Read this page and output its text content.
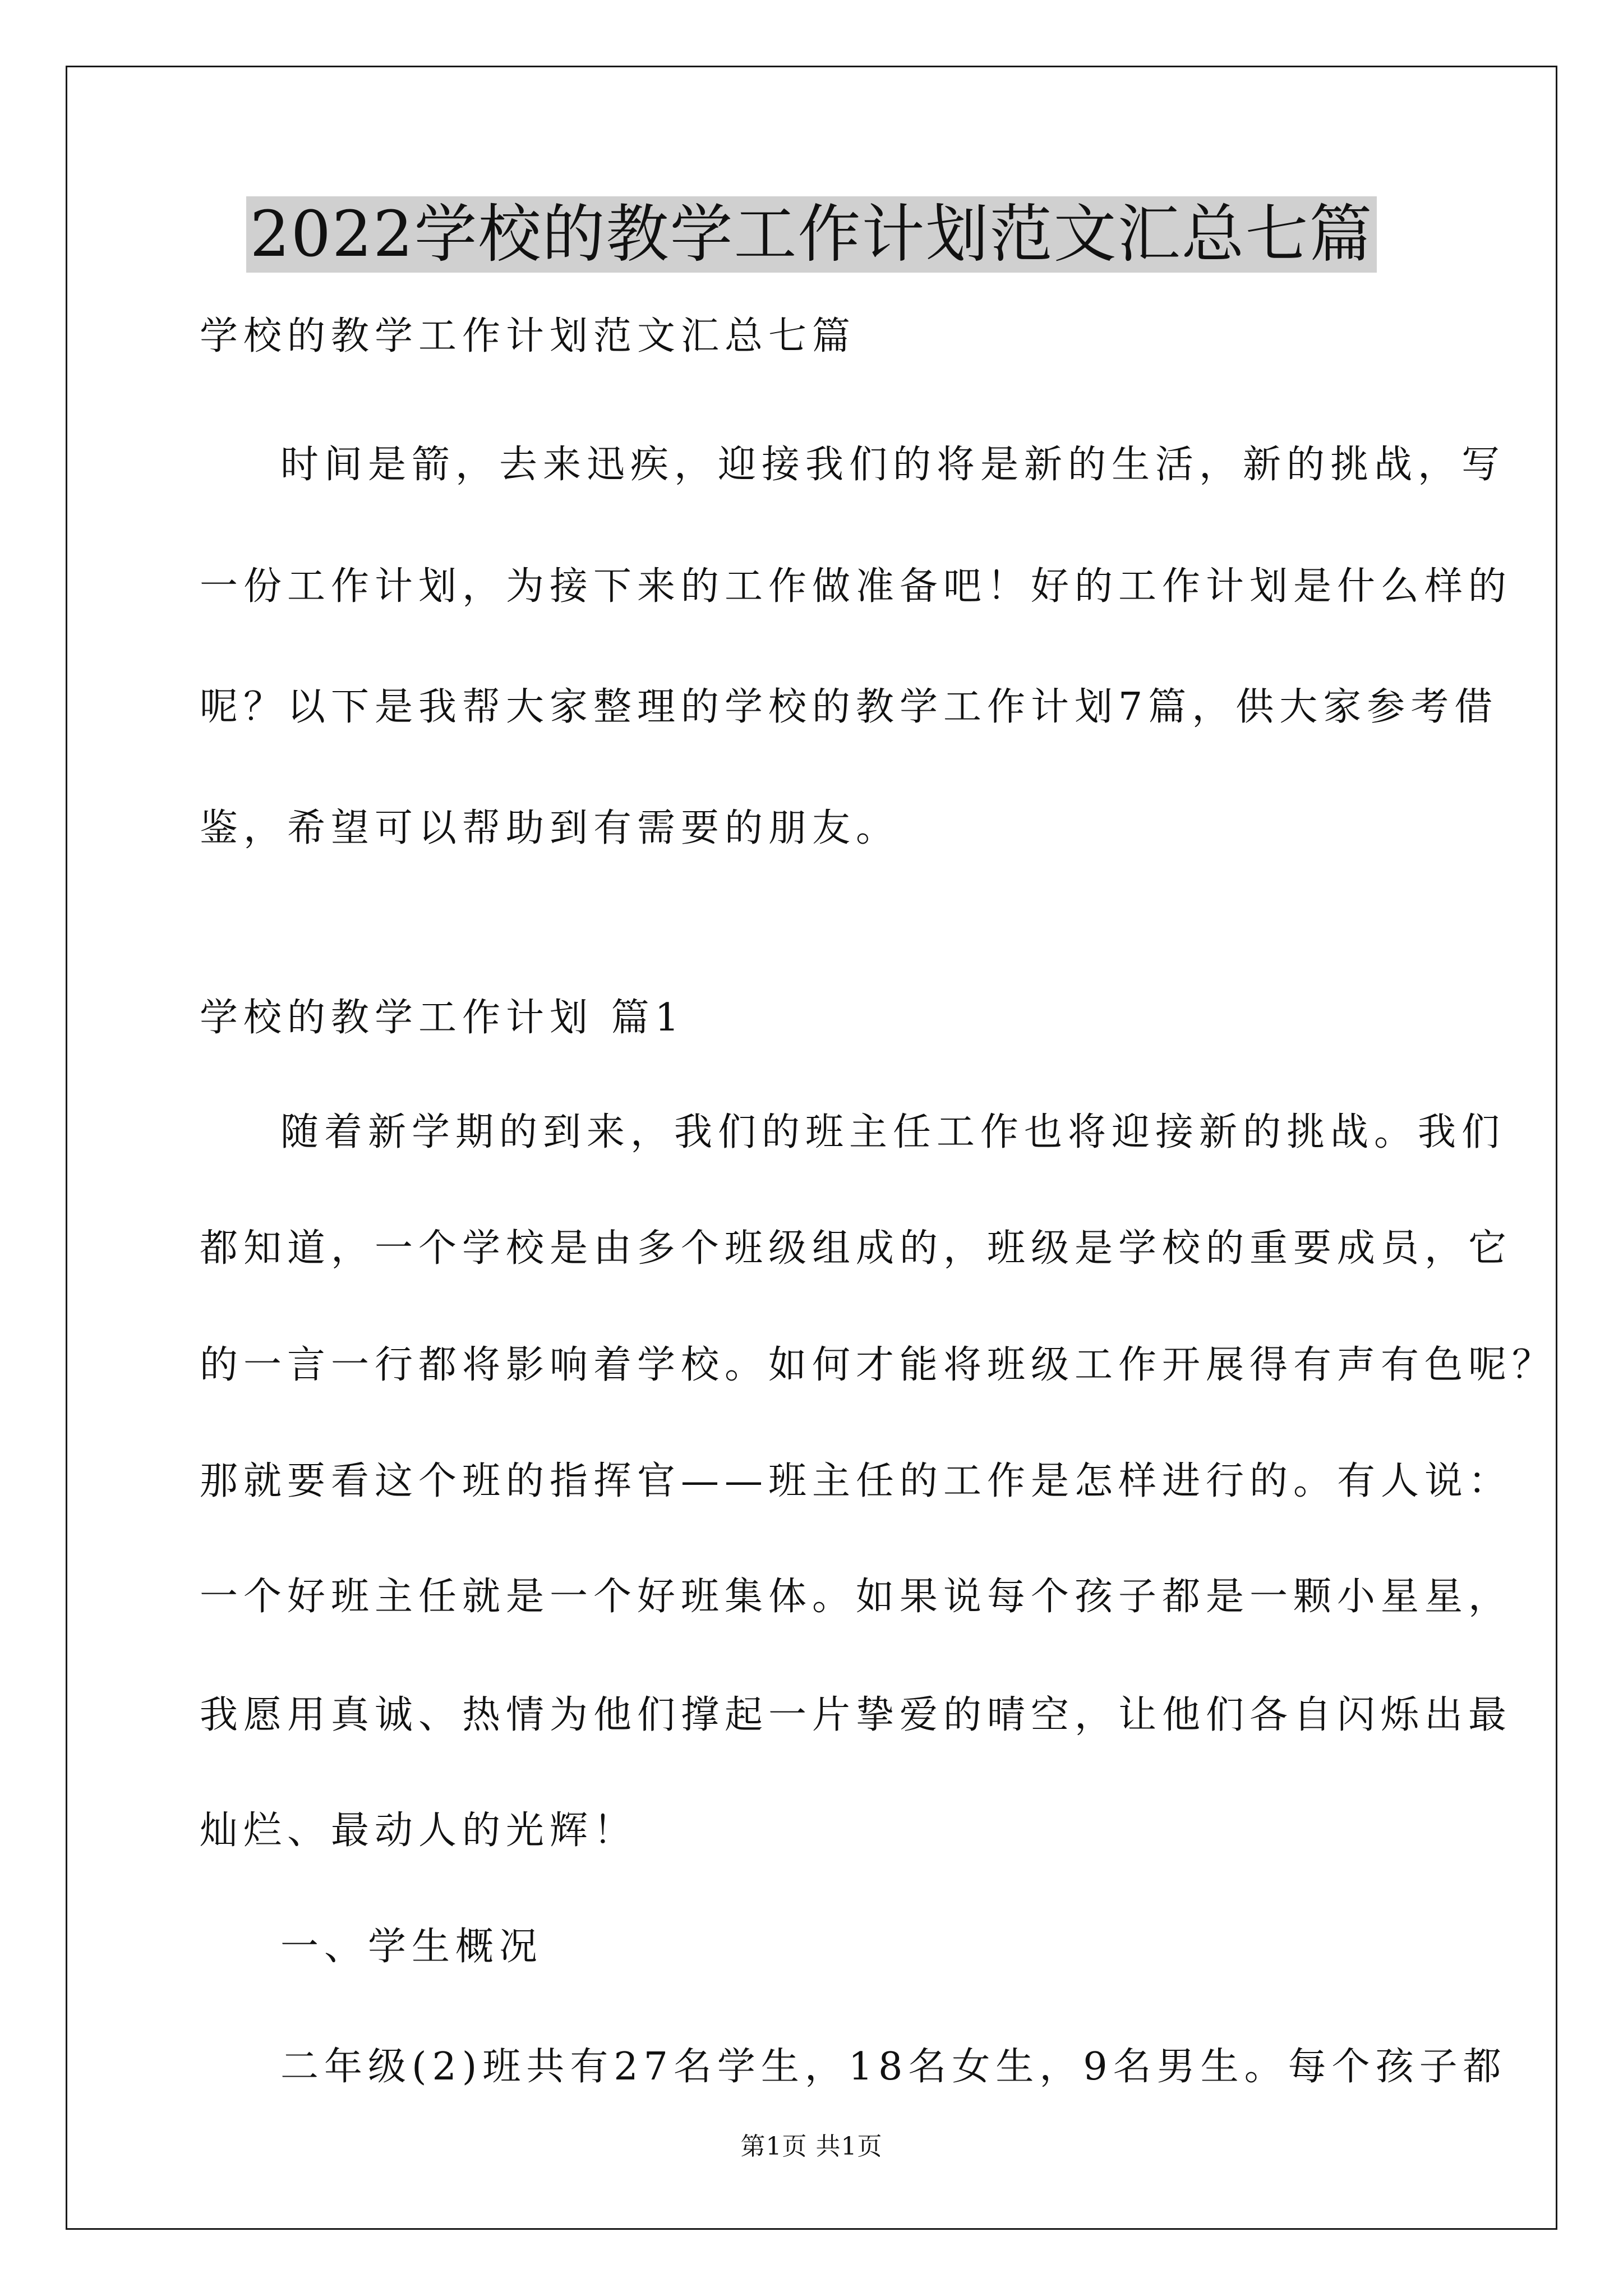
2022学校的教学工作计划范文汇总七篇
学校的教学工作计划范文汇总七篇
时间是箭，去来迅疾，迎接我们的将是新的生活，新的挑战，写
一份工作计划，为接下来的工作做准备吧！好的工作计划是什么样的
呢？以下是我帮大家整理的学校的教学工作计划7篇，供大家参考借
鉴，希望可以帮助到有需要的朋友。
学校的教学工作计划 篇1
随着新学期的到来，我们的班主任工作也将迎接新的挑战。我们
都知道，一个学校是由多个班级组成的，班级是学校的重要成员，它
的一言一行都将影响着学校。如何才能将班级工作开展得有声有色呢？
那就要看这个班的指挥官——班主任的工作是怎样进行的。有人说：
一个好班主任就是一个好班集体。如果说每个孩子都是一颗小星星，
我愿用真诚、热情为他们撑起一片挚爱的晴空，让他们各自闪烁出最
灿烂、最动人的光辉！
一、学生概况
二年级(2)班共有27名学生，18名女生，9名男生。每个孩子都
第1页 共1页
